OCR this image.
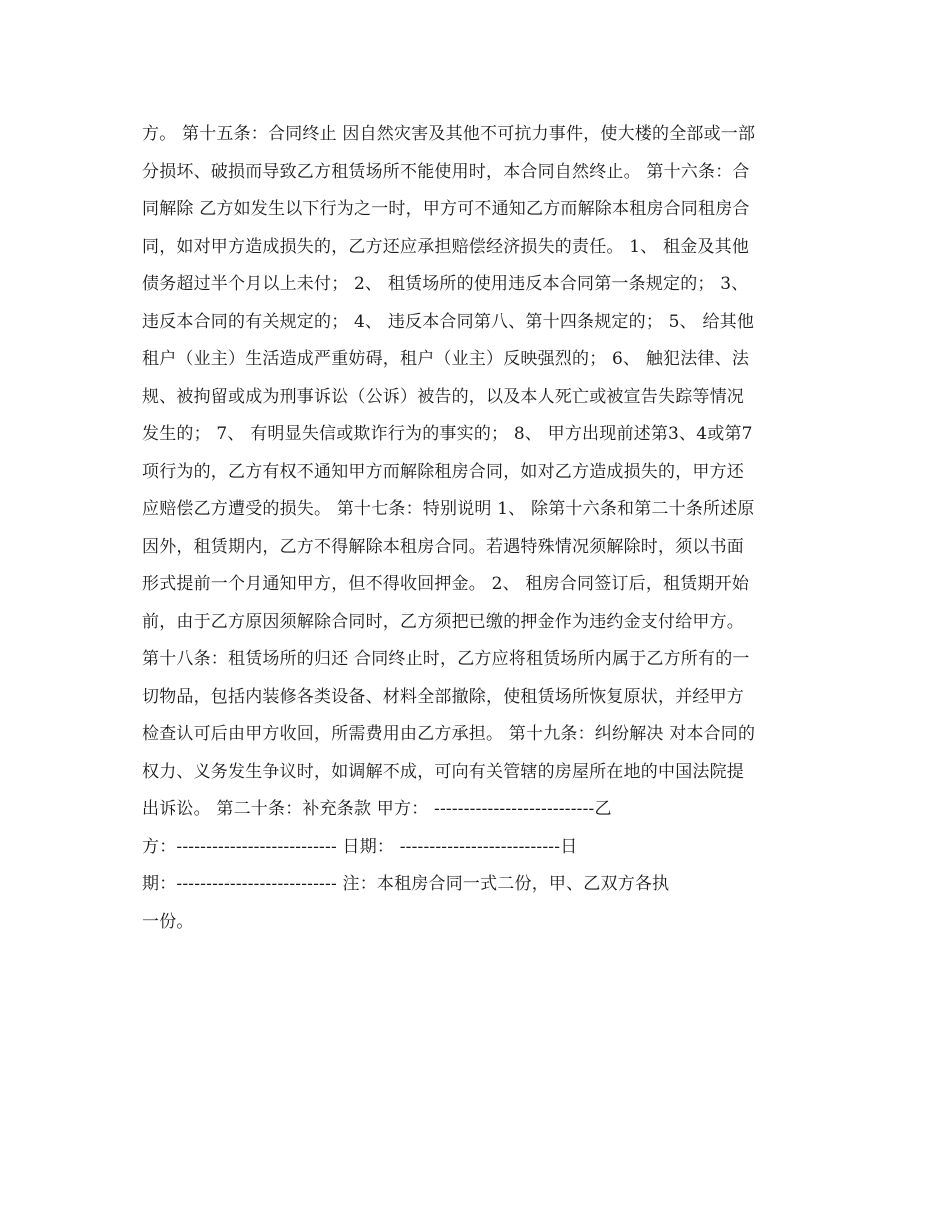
方。 第十五条：合同终止 因自然灾害及其他不可抗力事件，使大楼的全部或一部
分损坏、破损而导致乙方租赁场所不能使用时，本合同自然终止。 第十六条：合
同解除 乙方如发生以下行为之一时，甲方可不通知乙方而解除本租房合同租房合
同，如对甲方造成损失的，乙方还应承担赔偿经济损失的责任。 1、 租金及其他
债务超过半个月以上未付； 2、 租赁场所的使用违反本合同第一条规定的； 3、
违反本合同的有关规定的； 4、 违反本合同第八、第十四条规定的； 5、 给其他
租户（业主）生活造成严重妨碍，租户（业主）反映强烈的； 6、 触犯法律、法
规、被拘留或成为刑事诉讼（公诉）被告的，以及本人死亡或被宣告失踪等情况
发生的； 7、 有明显失信或欺诈行为的事实的； 8、 甲方出现前述第3、4或第7
项行为的，乙方有权不通知甲方而解除租房合同，如对乙方造成损失的，甲方还
应赔偿乙方遭受的损失。 第十七条：特别说明 1、 除第十六条和第二十条所述原
因外，租赁期内，乙方不得解除本租房合同。若遇特殊情况须解除时，须以书面
形式提前一个月通知甲方，但不得收回押金。 2、 租房合同签订后，租赁期开始
前，由于乙方原因须解除合同时，乙方须把已缴的押金作为违约金支付给甲方。
第十八条：租赁场所的归还 合同终止时，乙方应将租赁场所内属于乙方所有的一
切物品，包括内装修各类设备、材料全部撤除，使租赁场所恢复原状，并经甲方
检查认可后由甲方收回，所需费用由乙方承担。 第十九条：纠纷解决 对本合同的
权力、义务发生争议时，如调解不成，可向有关管辖的房屋所在地的中国法院提
出诉讼。 第二十条：补充条款 甲方： ---------------------------乙
方：--------------------------- 日期： ---------------------------日
期：--------------------------- 注：本租房合同一式二份，甲、乙双方各执
一份。
